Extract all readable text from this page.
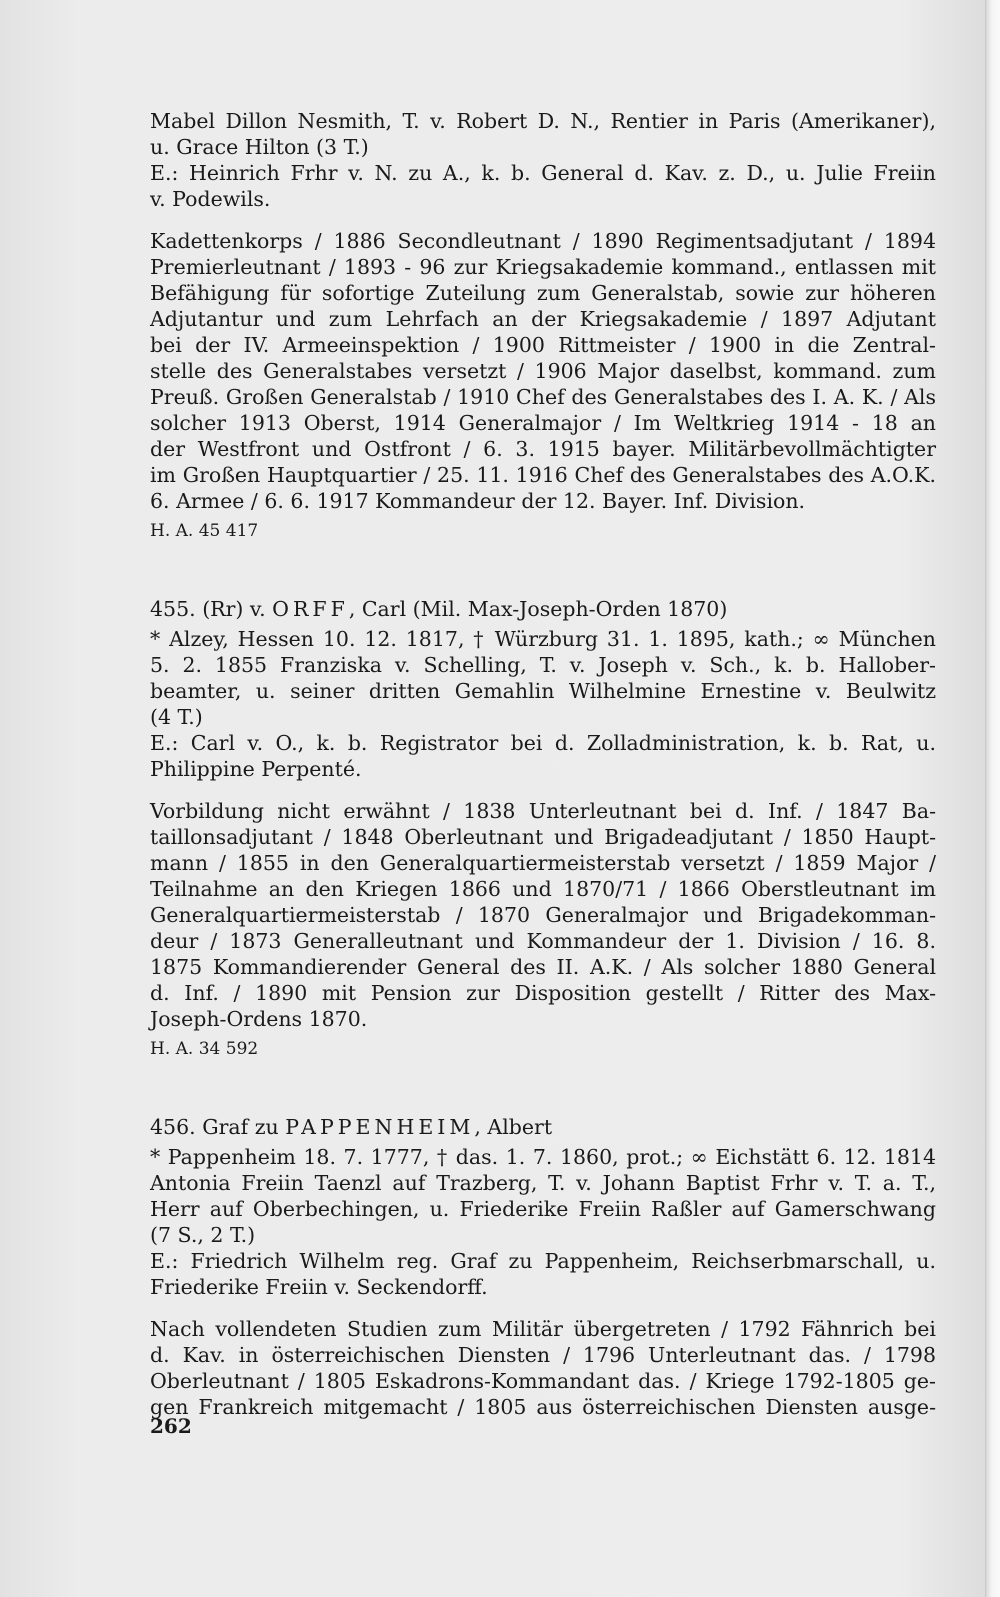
Mabel Dillon Nesmith, T. v. Robert D. N., Rentier in Paris (Amerikaner),
u. Grace Hilton (3 T.)
E.: Heinrich Frhr v. N. zu A., k. b. General d. Kav. z. D., u. Julie Freiin
v. Podewils.
Kadettenkorps / 1886 Secondleutnant / 1890 Regimentsadjutant / 1894
Premierleutnant / 1893 - 96 zur Kriegsakademie kommand., entlassen mit
Befähigung für sofortige Zuteilung zum Generalstab, sowie zur höheren
Adjutantur und zum Lehrfach an der Kriegsakademie / 1897 Adjutant
bei der IV. Armeeinspektion / 1900 Rittmeister / 1900 in die Zentral-
stelle des Generalstabes versetzt / 1906 Major daselbst, kommand. zum
Preuß. Großen Generalstab / 1910 Chef des Generalstabes des I. A. K. / Als
solcher 1913 Oberst, 1914 Generalmajor / Im Weltkrieg 1914 - 18 an
der Westfront und Ostfront / 6. 3. 1915 bayer. Militärbevollmächtigter
im Großen Hauptquartier / 25. 11. 1916 Chef des Generalstabes des A.O.K.
6. Armee / 6. 6. 1917 Kommandeur der 12. Bayer. Inf. Division.
H. A. 45 417
455. (Rr) v. ORFF, Carl (Mil. Max-Joseph-Orden 1870)
* Alzey, Hessen 10. 12. 1817, † Würzburg 31. 1. 1895, kath.; ∞ München
5. 2. 1855 Franziska v. Schelling, T. v. Joseph v. Sch., k. b. Hallober-
beamter, u. seiner dritten Gemahlin Wilhelmine Ernestine v. Beulwitz
(4 T.)
E.: Carl v. O., k. b. Registrator bei d. Zolladministration, k. b. Rat, u.
Philippine Perpenté.
Vorbildung nicht erwähnt / 1838 Unterleutnant bei d. Inf. / 1847 Ba-
taillonsadjutant / 1848 Oberleutnant und Brigadeadjutant / 1850 Haupt-
mann / 1855 in den Generalquartiermeisterstab versetzt / 1859 Major /
Teilnahme an den Kriegen 1866 und 1870/71 / 1866 Oberstleutnant im
Generalquartiermeisterstab / 1870 Generalmajor und Brigadekomman-
deur / 1873 Generalleutnant und Kommandeur der 1. Division / 16. 8.
1875 Kommandierender General des II. A.K. / Als solcher 1880 General
d. Inf. / 1890 mit Pension zur Disposition gestellt / Ritter des Max-
Joseph-Ordens 1870.
H. A. 34 592
456. Graf zu PAPPENHEIM, Albert
* Pappenheim 18. 7. 1777, † das. 1. 7. 1860, prot.; ∞ Eichstätt 6. 12. 1814
Antonia Freiin Taenzl auf Trazberg, T. v. Johann Baptist Frhr v. T. a. T.,
Herr auf Oberbechingen, u. Friederike Freiin Raßler auf Gamerschwang
(7 S., 2 T.)
E.: Friedrich Wilhelm reg. Graf zu Pappenheim, Reichserbmarschall, u.
Friederike Freiin v. Seckendorff.
Nach vollendeten Studien zum Militär übergetreten / 1792 Fähnrich bei
d. Kav. in österreichischen Diensten / 1796 Unterleutnant das. / 1798
Oberleutnant / 1805 Eskadrons-Kommandant das. / Kriege 1792-1805 ge-
gen Frankreich mitgemacht / 1805 aus österreichischen Diensten ausge-
262
